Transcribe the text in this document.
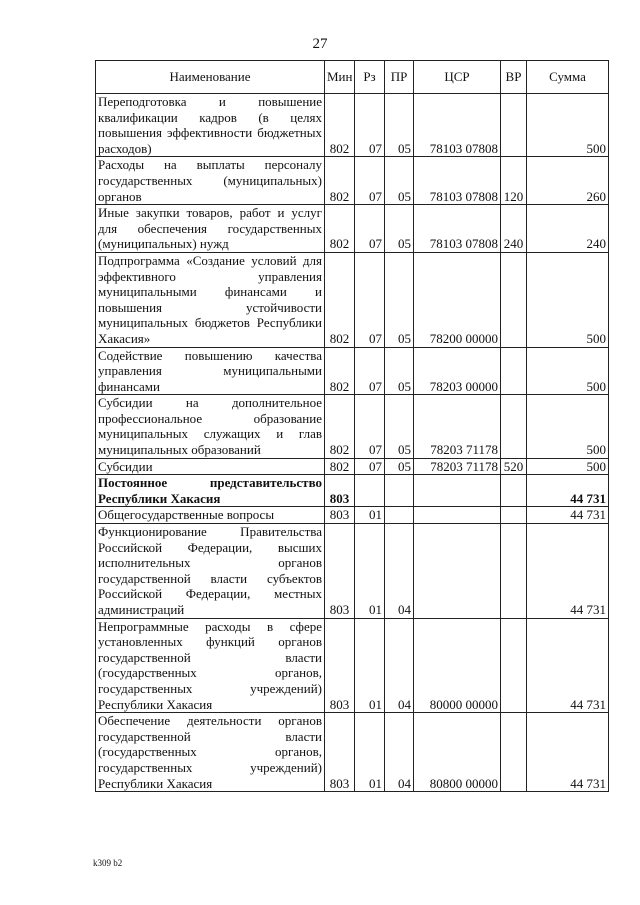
27
Наименование	Мин	Рз	ПР	ЦСР	ВР	Сумма
Переподготовка и повышение квалификации кадров (в целях повышения эффективности бюджетных расходов)	802	07	05	78103 07808		500
Расходы на выплаты персоналу государственных (муниципальных) органов	802	07	05	78103 07808	120	260
Иные закупки товаров, работ и услуг для обеспечения государственных (муниципальных) нужд	802	07	05	78103 07808	240	240
Подпрограмма «Создание условий для эффективного управления муниципальными финансами и повышения устойчивости муниципальных бюджетов Республики Хакасия»	802	07	05	78200 00000		500
Содействие повышению качества управления муниципальными финансами	802	07	05	78203 00000		500
Субсидии на дополнительное профессиональное образование муниципальных служащих и глав муниципальных образований	802	07	05	78203 71178		500
Субсидии	802	07	05	78203 71178	520	500
Постоянное представительство Республики Хакасия	803					44 731
Общегосударственные вопросы	803	01				44 731
Функционирование Правительства Российской Федерации, высших исполнительных органов государственной власти субъектов Российской Федерации, местных администраций	803	01	04			44 731
Непрограммные расходы в сфере установленных функций органов государственной власти (государственных органов, государственных учреждений) Республики Хакасия	803	01	04	80000 00000		44 731
Обеспечение деятельности органов государственной власти (государственных органов, государственных учреждений) Республики Хакасия	803	01	04	80800 00000		44 731
k309 b2
